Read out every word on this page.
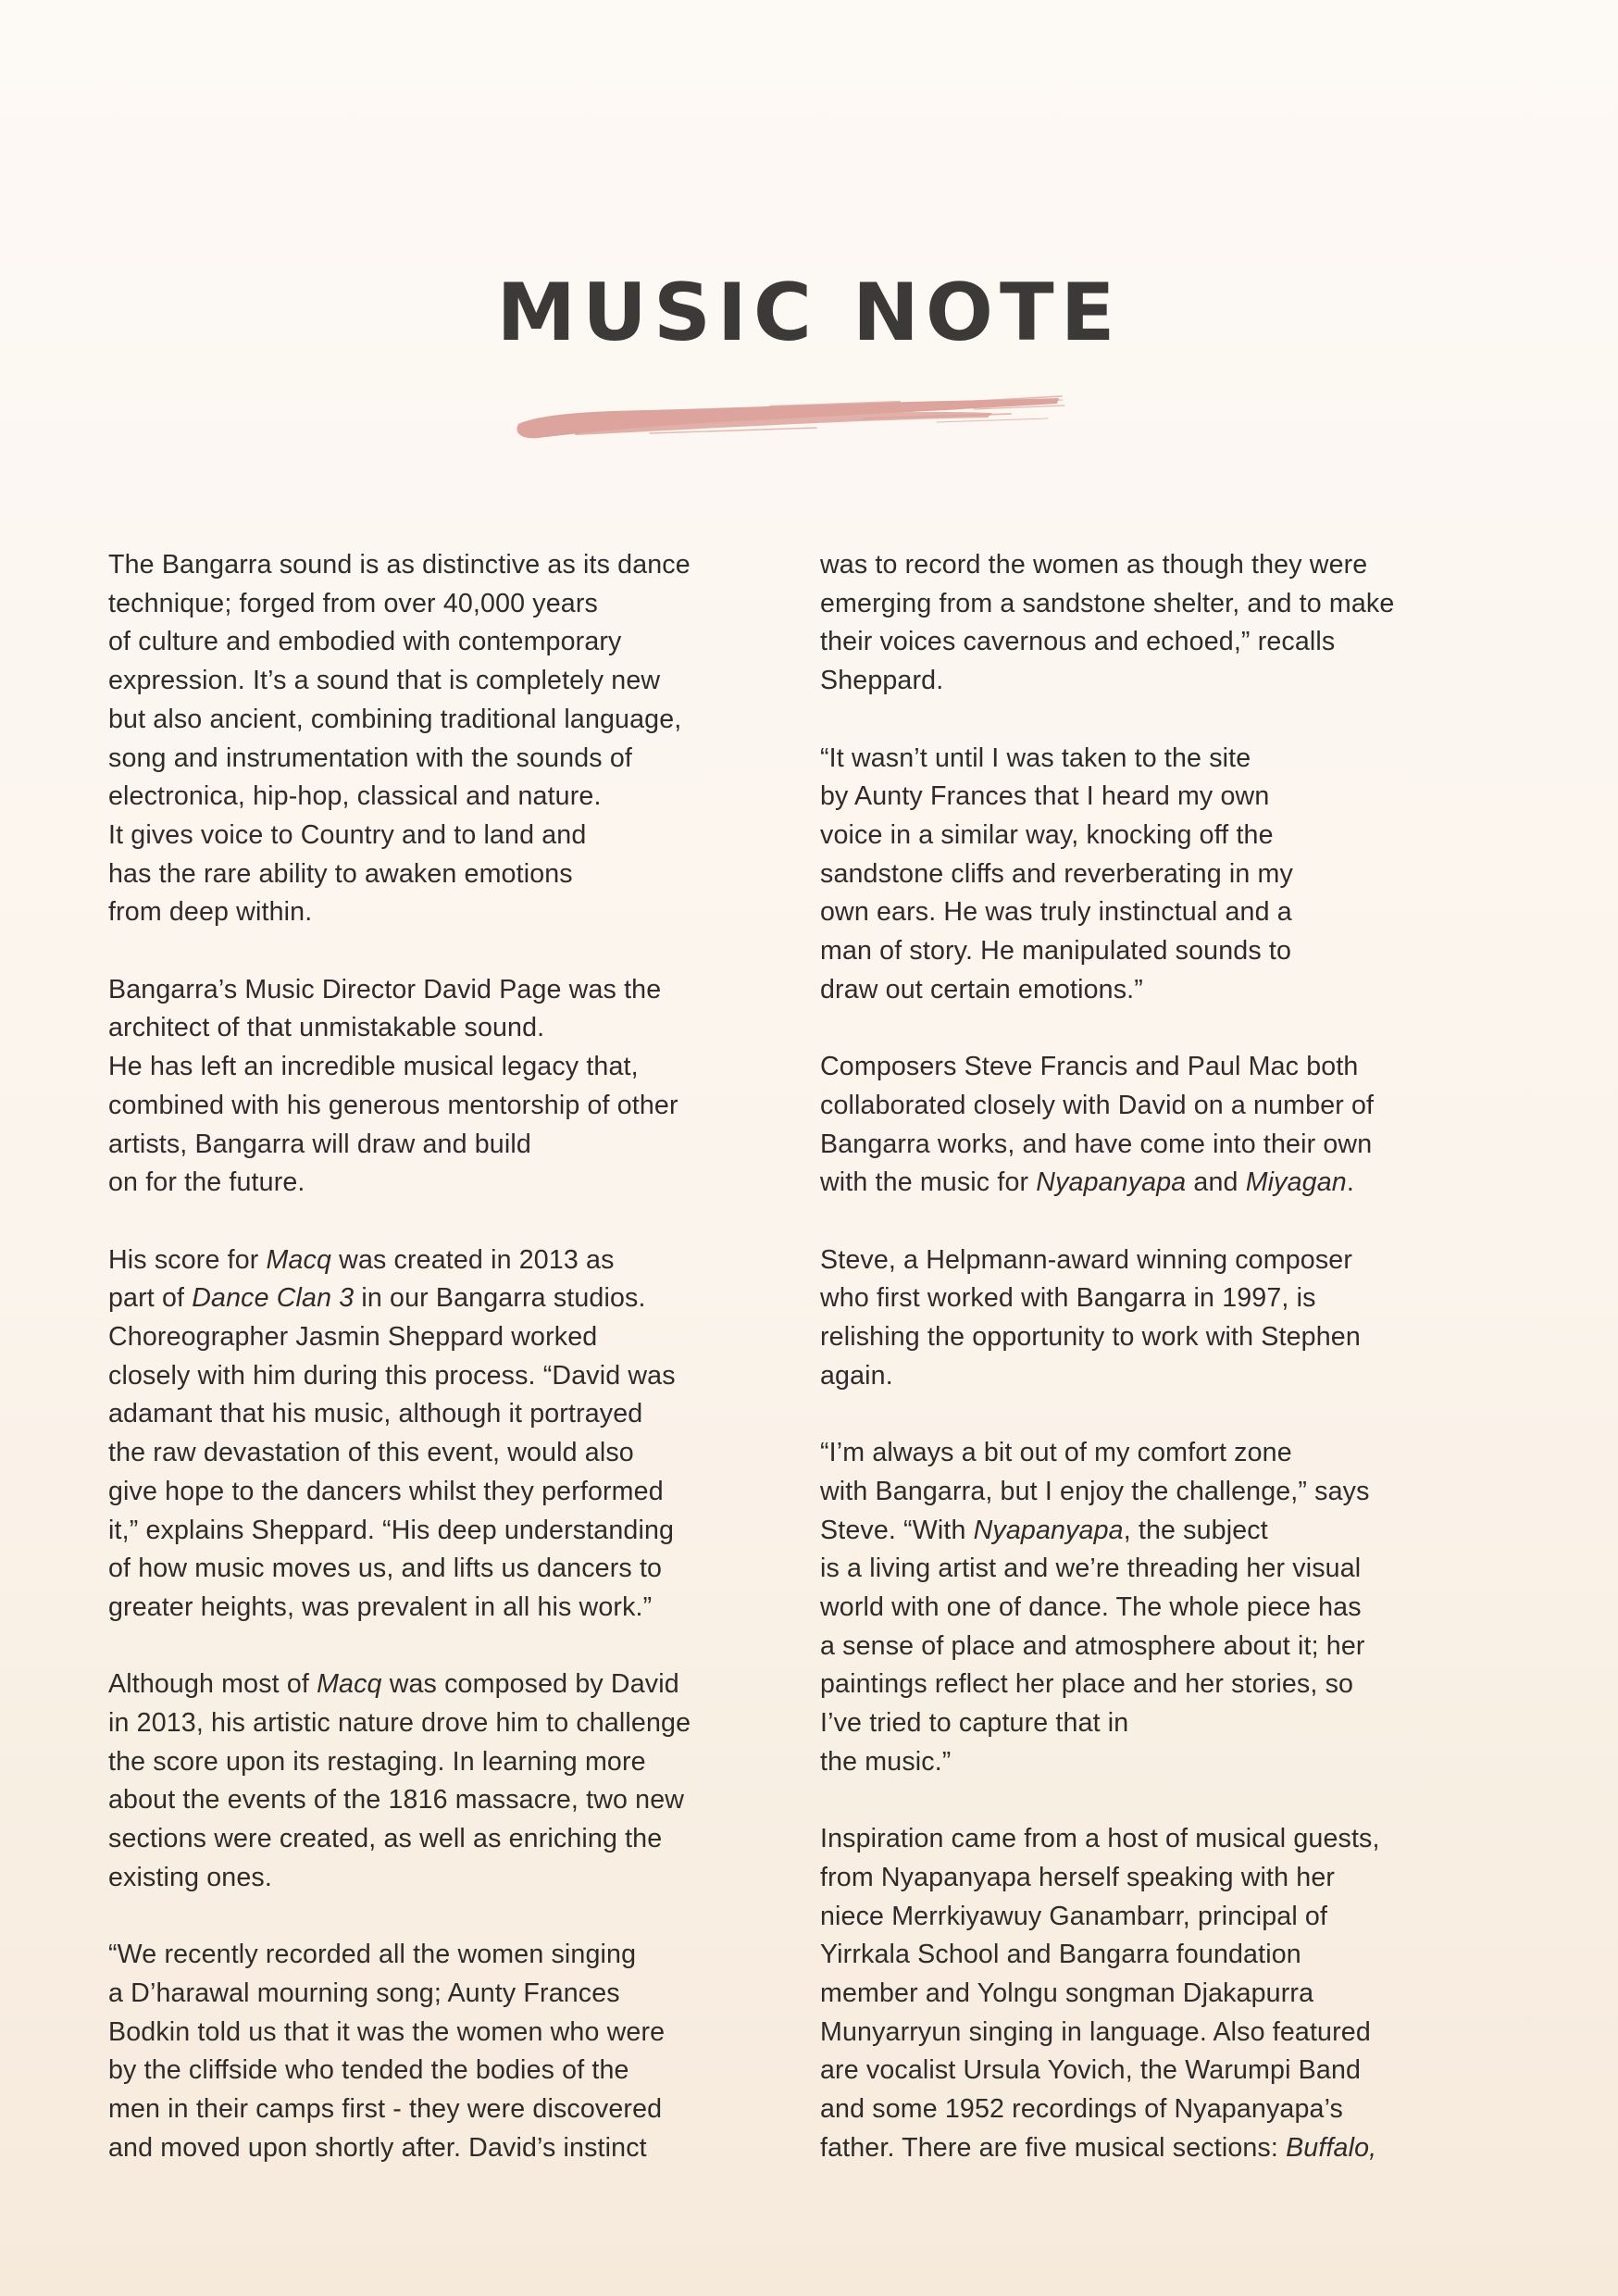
MUSIC NOTE

The Bangarra sound is as distinctive as its dance
technique; forged from over 40,000 years
of culture and embodied with contemporary
expression. It’s a sound that is completely new
but also ancient, combining traditional language,
song and instrumentation with the sounds of
electronica, hip-hop, classical and nature.
It gives voice to Country and to land and
has the rare ability to awaken emotions
from deep within.

Bangarra’s Music Director David Page was the
architect of that unmistakable sound.
He has left an incredible musical legacy that,
combined with his generous mentorship of other
artists, Bangarra will draw and build
on for the future.

His score for Macq was created in 2013 as
part of Dance Clan 3 in our Bangarra studios.
Choreographer Jasmin Sheppard worked
closely with him during this process. “David was
adamant that his music, although it portrayed
the raw devastation of this event, would also
give hope to the dancers whilst they performed
it,” explains Sheppard. “His deep understanding
of how music moves us, and lifts us dancers to
greater heights, was prevalent in all his work.”

Although most of Macq was composed by David
in 2013, his artistic nature drove him to challenge
the score upon its restaging. In learning more
about the events of the 1816 massacre, two new
sections were created, as well as enriching the
existing ones.

“We recently recorded all the women singing
a D’harawal mourning song; Aunty Frances
Bodkin told us that it was the women who were
by the cliffside who tended the bodies of the
men in their camps first - they were discovered
and moved upon shortly after. David’s instinct

was to record the women as though they were
emerging from a sandstone shelter, and to make
their voices cavernous and echoed,” recalls
Sheppard.

“It wasn’t until I was taken to the site
by Aunty Frances that I heard my own
voice in a similar way, knocking off the
sandstone cliffs and reverberating in my
own ears. He was truly instinctual and a
man of story. He manipulated sounds to
draw out certain emotions.”

Composers Steve Francis and Paul Mac both
collaborated closely with David on a number of
Bangarra works, and have come into their own
with the music for Nyapanyapa and Miyagan.

Steve, a Helpmann-award winning composer
who first worked with Bangarra in 1997, is
relishing the opportunity to work with Stephen
again.

“I’m always a bit out of my comfort zone
with Bangarra, but I enjoy the challenge,” says
Steve. “With Nyapanyapa, the subject
is a living artist and we’re threading her visual
world with one of dance. The whole piece has
a sense of place and atmosphere about it; her
paintings reflect her place and her stories, so
I’ve tried to capture that in
the music.”

Inspiration came from a host of musical guests,
from Nyapanyapa herself speaking with her
niece Merrkiyawuy Ganambarr, principal of
Yirrkala School and Bangarra foundation
member and Yolngu songman Djakapurra
Munyarryun singing in language. Also featured
are vocalist Ursula Yovich, the Warumpi Band
and some 1952 recordings of Nyapanyapa’s
father. There are five musical sections: Buffalo,
